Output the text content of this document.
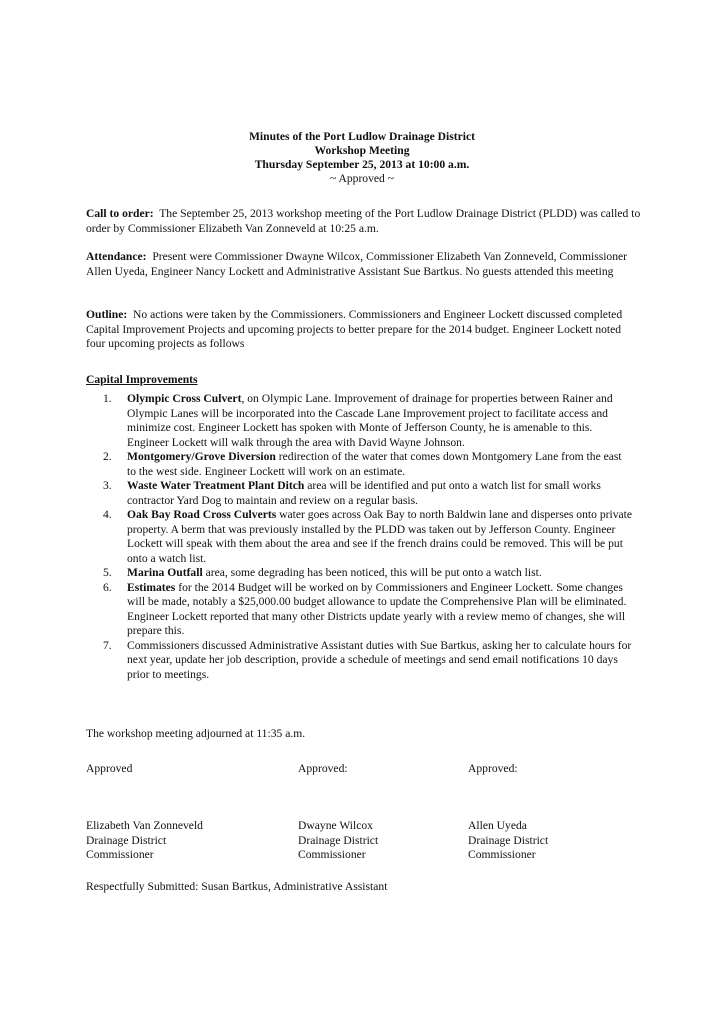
Minutes of the Port Ludlow Drainage District
Workshop Meeting
Thursday September 25, 2013 at 10:00 a.m.
~ Approved ~
Call to order: The September 25, 2013 workshop meeting of the Port Ludlow Drainage District (PLDD) was called to order by Commissioner Elizabeth Van Zonneveld at 10:25 a.m.
Attendance: Present were Commissioner Dwayne Wilcox, Commissioner Elizabeth Van Zonneveld, Commissioner Allen Uyeda, Engineer Nancy Lockett and Administrative Assistant Sue Bartkus. No guests attended this meeting
Outline: No actions were taken by the Commissioners. Commissioners and Engineer Lockett discussed completed Capital Improvement Projects and upcoming projects to better prepare for the 2014 budget. Engineer Lockett noted four upcoming projects as follows
Capital Improvements
1. Olympic Cross Culvert, on Olympic Lane. Improvement of drainage for properties between Rainer and Olympic Lanes will be incorporated into the Cascade Lane Improvement project to facilitate access and minimize cost. Engineer Lockett has spoken with Monte of Jefferson County, he is amenable to this. Engineer Lockett will walk through the area with David Wayne Johnson.
2. Montgomery/Grove Diversion redirection of the water that comes down Montgomery Lane from the east to the west side. Engineer Lockett will work on an estimate.
3. Waste Water Treatment Plant Ditch area will be identified and put onto a watch list for small works contractor Yard Dog to maintain and review on a regular basis.
4. Oak Bay Road Cross Culverts water goes across Oak Bay to north Baldwin lane and disperses onto private property. A berm that was previously installed by the PLDD was taken out by Jefferson County. Engineer Lockett will speak with them about the area and see if the french drains could be removed. This will be put onto a watch list.
5. Marina Outfall area, some degrading has been noticed, this will be put onto a watch list.
6. Estimates for the 2014 Budget will be worked on by Commissioners and Engineer Lockett. Some changes will be made, notably a $25,000.00 budget allowance to update the Comprehensive Plan will be eliminated. Engineer Lockett reported that many other Districts update yearly with a review memo of changes, she will prepare this.
7. Commissioners discussed Administrative Assistant duties with Sue Bartkus, asking her to calculate hours for next year, update her job description, provide a schedule of meetings and send email notifications 10 days prior to meetings.
The workshop meeting adjourned at 11:35 a.m.
Approved
Elizabeth Van Zonneveld
Drainage District
Commissioner
Approved:
Dwayne Wilcox
Drainage District
Commissioner
Approved:
Allen Uyeda
Drainage District
Commissioner
Respectfully Submitted: Susan Bartkus, Administrative Assistant
